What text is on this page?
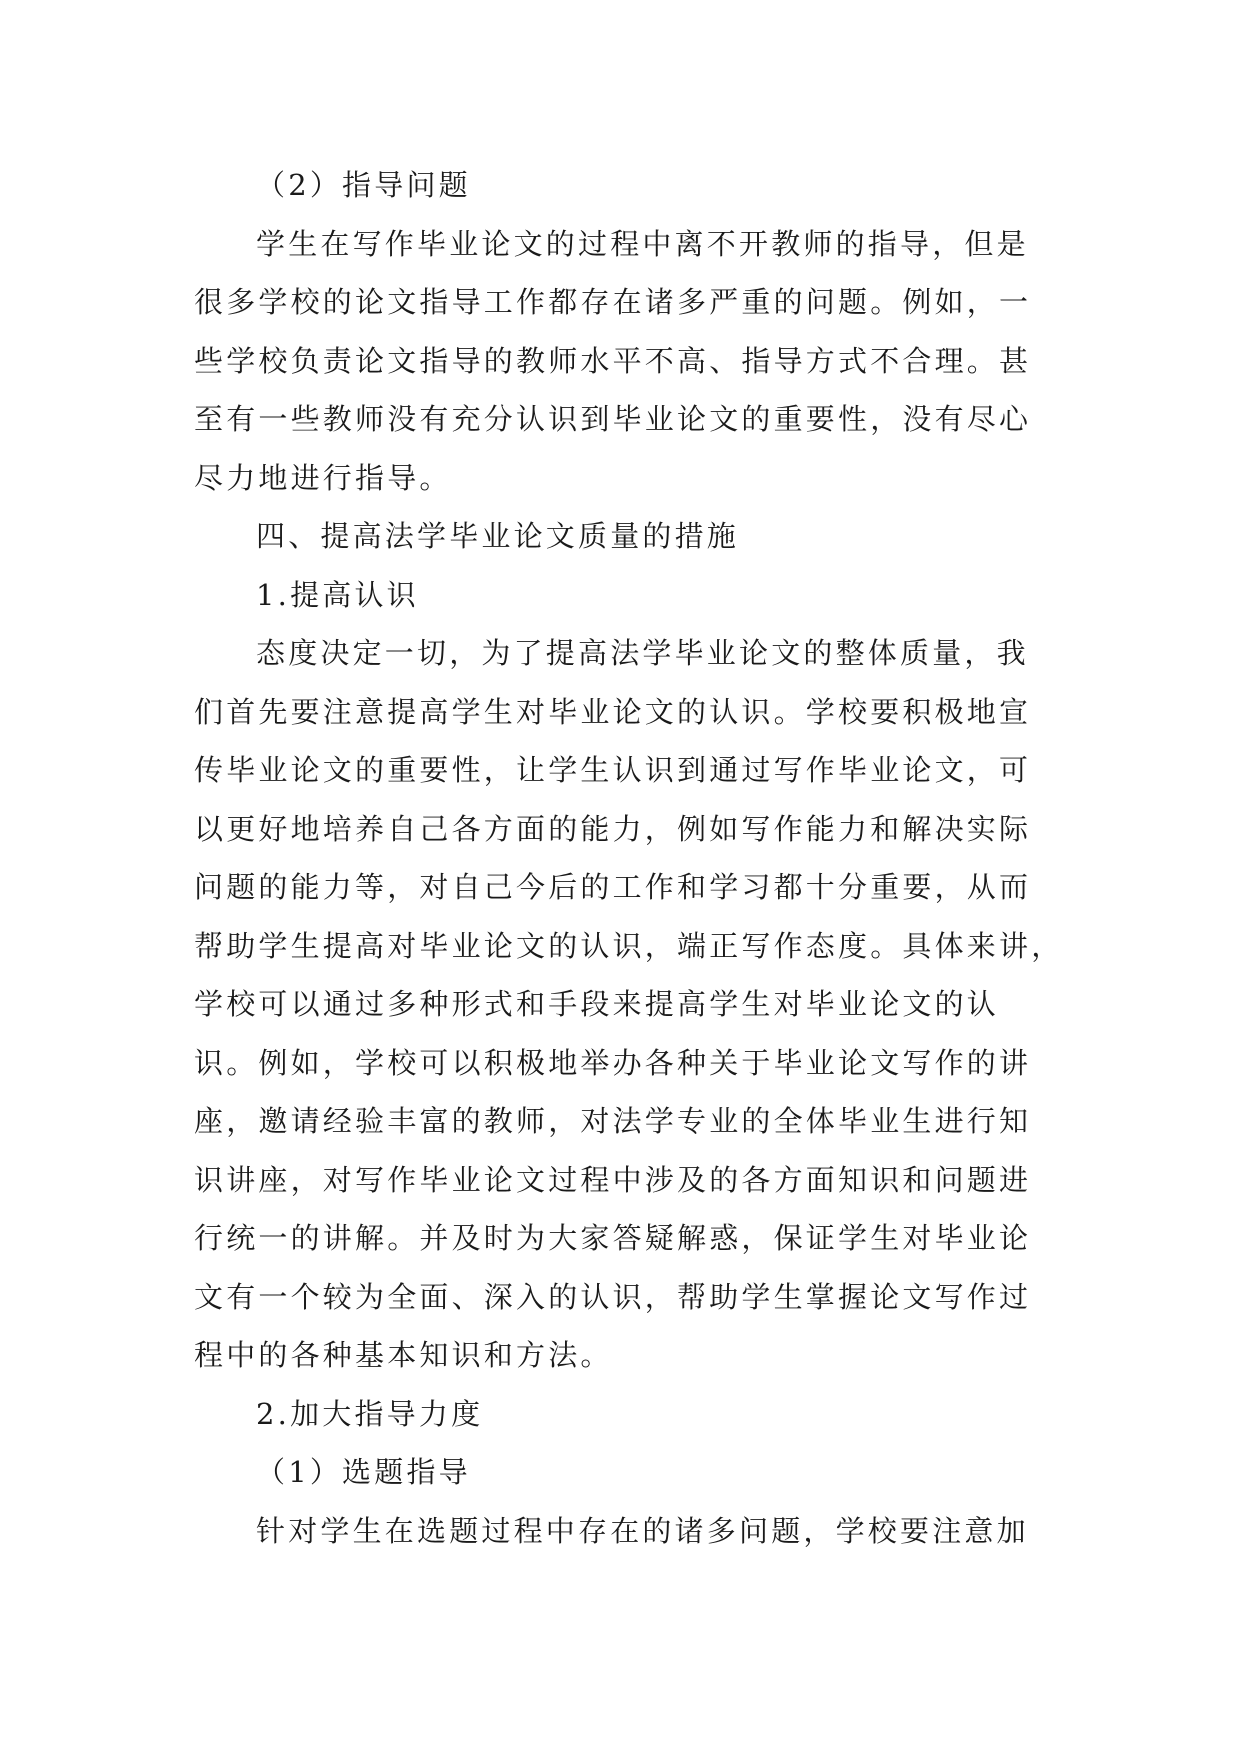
（2）指导问题
学生在写作毕业论文的过程中离不开教师的指导，但是
很多学校的论文指导工作都存在诸多严重的问题。例如，一
些学校负责论文指导的教师水平不高、指导方式不合理。甚
至有一些教师没有充分认识到毕业论文的重要性，没有尽心
尽力地进行指导。
四、提高法学毕业论文质量的措施
1.提高认识
态度决定一切，为了提高法学毕业论文的整体质量，我
们首先要注意提高学生对毕业论文的认识。学校要积极地宣
传毕业论文的重要性，让学生认识到通过写作毕业论文，可
以更好地培养自己各方面的能力，例如写作能力和解决实际
问题的能力等，对自己今后的工作和学习都十分重要，从而
帮助学生提高对毕业论文的认识，端正写作态度。具体来讲，
学校可以通过多种形式和手段来提高学生对毕业论文的认
识。例如，学校可以积极地举办各种关于毕业论文写作的讲
座，邀请经验丰富的教师，对法学专业的全体毕业生进行知
识讲座，对写作毕业论文过程中涉及的各方面知识和问题进
行统一的讲解。并及时为大家答疑解惑，保证学生对毕业论
文有一个较为全面、深入的认识，帮助学生掌握论文写作过
程中的各种基本知识和方法。
2.加大指导力度
（1）选题指导
针对学生在选题过程中存在的诸多问题，学校要注意加
